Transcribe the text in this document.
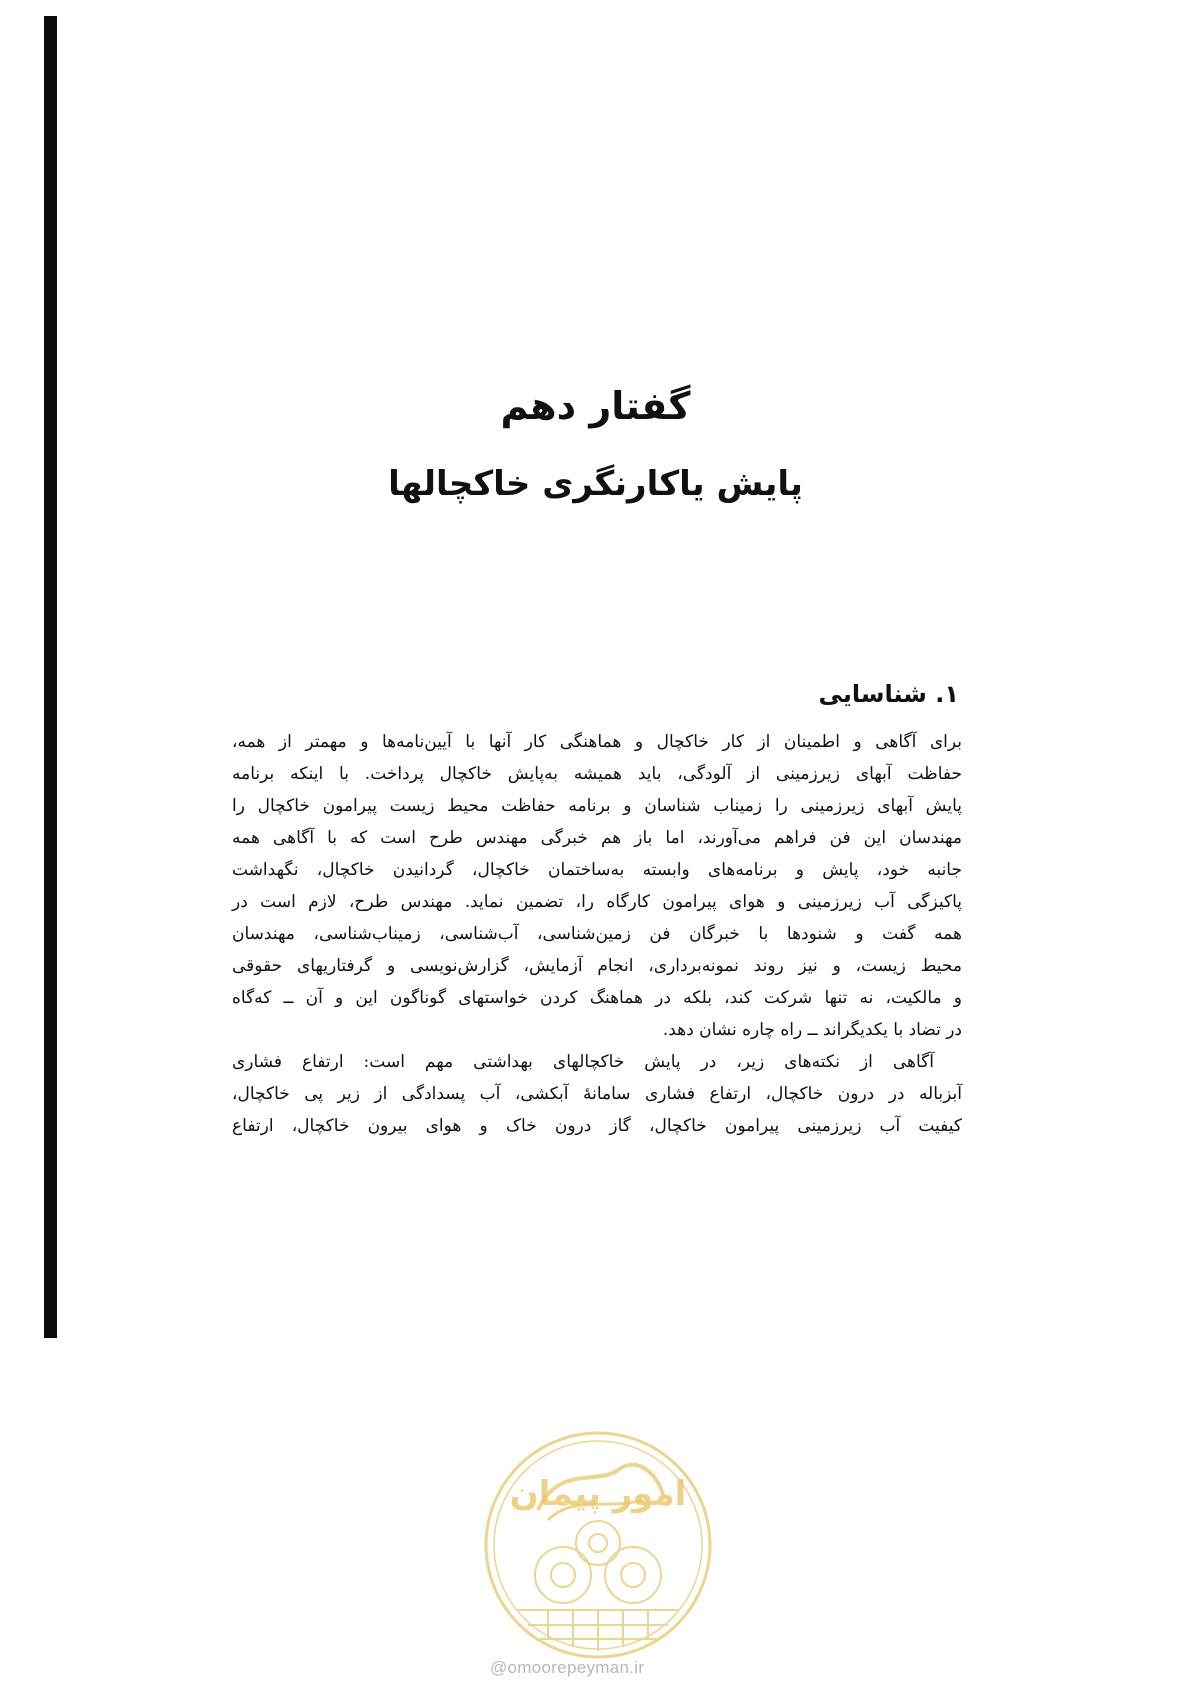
گفتار دهم
پایش یاکارنگری خاکچالها
۱. شناسایی
برای آگاهی و اطمینان از کار خاکچال و هماهنگی کار آنها با آیین‌نامه‌ها و مهمتر از همه،
حفاظت آبهای زیرزمینی از آلودگی، باید همیشه به‌پایش خاکچال پرداخت. با اینکه برنامه
پایش آبهای زیرزمینی را زمیناب شناسان و برنامه حفاظت محیط زیست پیرامون خاکچال را
مهندسان این فن فراهم می‌آورند، اما باز هم خبرگی مهندس طرح است که با آگاهی همه
جانبه خود، پایش و برنامه‌های وابسته به‌ساختمان خاکچال، گردانیدن خاکچال، نگهداشت
پاکیزگی آب زیرزمینی و هوای پیرامون کارگاه را، تضمین نماید. مهندس طرح، لازم است در
همه گفت و شنودها با خبرگان فن زمین‌شناسی، آب‌شناسی، زمیناب‌شناسی، مهندسان
محیط زیست، و نیز روند نمونه‌برداری، انجام آزمایش، گزارش‌نویسی و گرفتاریهای حقوقی
و مالکیت، نه تنها شرکت کند، بلکه در هماهنگ کردن خواستهای گوناگون این و آن ــ که‌گاه
در تضاد با یکدیگراند ــ راه چاره نشان دهد.
آگاهی از نکته‌های زیر، در پایش خاکچالهای بهداشتی مهم است: ارتفاع فشاری
آبزباله در درون خاکچال، ارتفاع فشاری سامانهٔ آبکشی، آب پسدادگی از زیر پی خاکچال،
کیفیت آب زیرزمینی پیرامون خاکچال، گاز درون خاک و هوای بیرون خاکچال، ارتفاع
امور پیمان
@omoorepeyman.ir
